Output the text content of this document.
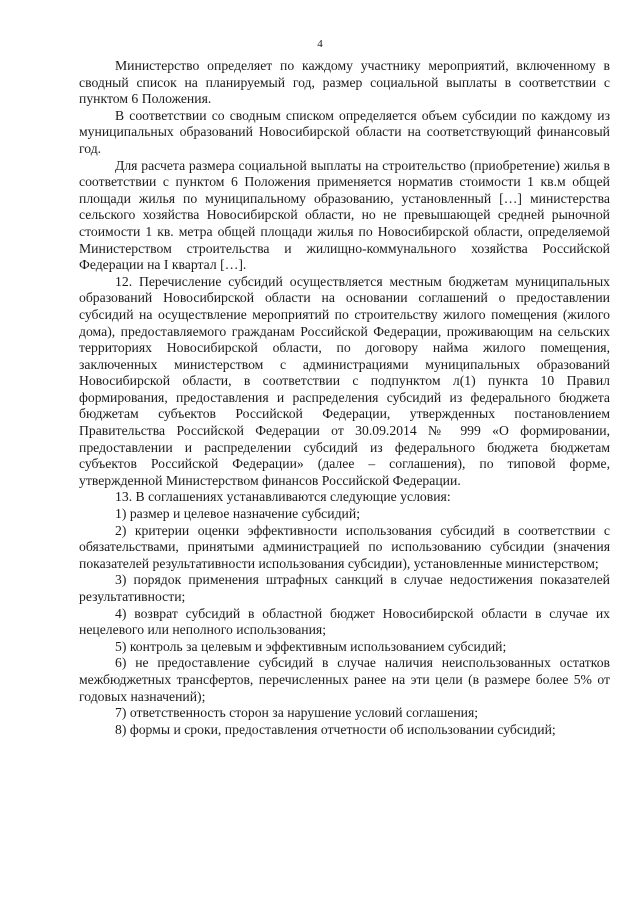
4

Министерство определяет по каждому участнику мероприятий, включенному в сводный список на планируемый год, размер социальной выплаты в соответствии с пунктом 6 Положения.

В соответствии со сводным списком определяется объем субсидии по каждому из муниципальных образований Новосибирской области на соответствующий финансовый год.

Для расчета размера социальной выплаты на строительство (приобретение) жилья в соответствии с пунктом 6 Положения применяется норматив стоимости 1 кв.м общей площади жилья по муниципальному образованию, установленный […] министерства сельского хозяйства Новосибирской области, но не превышающей средней рыночной стоимости 1 кв. метра общей площади жилья по Новосибирской области, определяемой Министерством строительства и жилищно-коммунального хозяйства Российской Федерации на I квартал […].

12. Перечисление субсидий осуществляется местным бюджетам муниципальных образований Новосибирской области на основании соглашений о предоставлении субсидий на осуществление мероприятий по строительству жилого помещения (жилого дома), предоставляемого гражданам Российской Федерации, проживающим на сельских территориях Новосибирской области, по договору найма жилого помещения, заключенных министерством с администрациями муниципальных образований Новосибирской области, в соответствии с подпунктом л(1) пункта 10 Правил формирования, предоставления и распределения субсидий из федерального бюджета бюджетам субъектов Российской Федерации, утвержденных постановлением Правительства Российской Федерации от 30.09.2014 № 999 «О формировании, предоставлении и распределении субсидий из федерального бюджета бюджетам субъектов Российской Федерации» (далее – соглашения), по типовой форме, утвержденной Министерством финансов Российской Федерации.

13. В соглашениях устанавливаются следующие условия:

1) размер и целевое назначение субсидий;

2) критерии оценки эффективности использования субсидий в соответствии с обязательствами, принятыми администрацией по использованию субсидии (значения показателей результативности использования субсидии), установленные министерством;

3) порядок применения штрафных санкций в случае недостижения показателей результативности;

4) возврат субсидий в областной бюджет Новосибирской области в случае их нецелевого или неполного использования;

5) контроль за целевым и эффективным использованием субсидий;

6) не предоставление субсидий в случае наличия неиспользованных остатков межбюджетных трансфертов, перечисленных ранее на эти цели (в размере более 5% от годовых назначений);

7) ответственность сторон за нарушение условий соглашения;

8) формы и сроки, предоставления отчетности об использовании субсидий;
